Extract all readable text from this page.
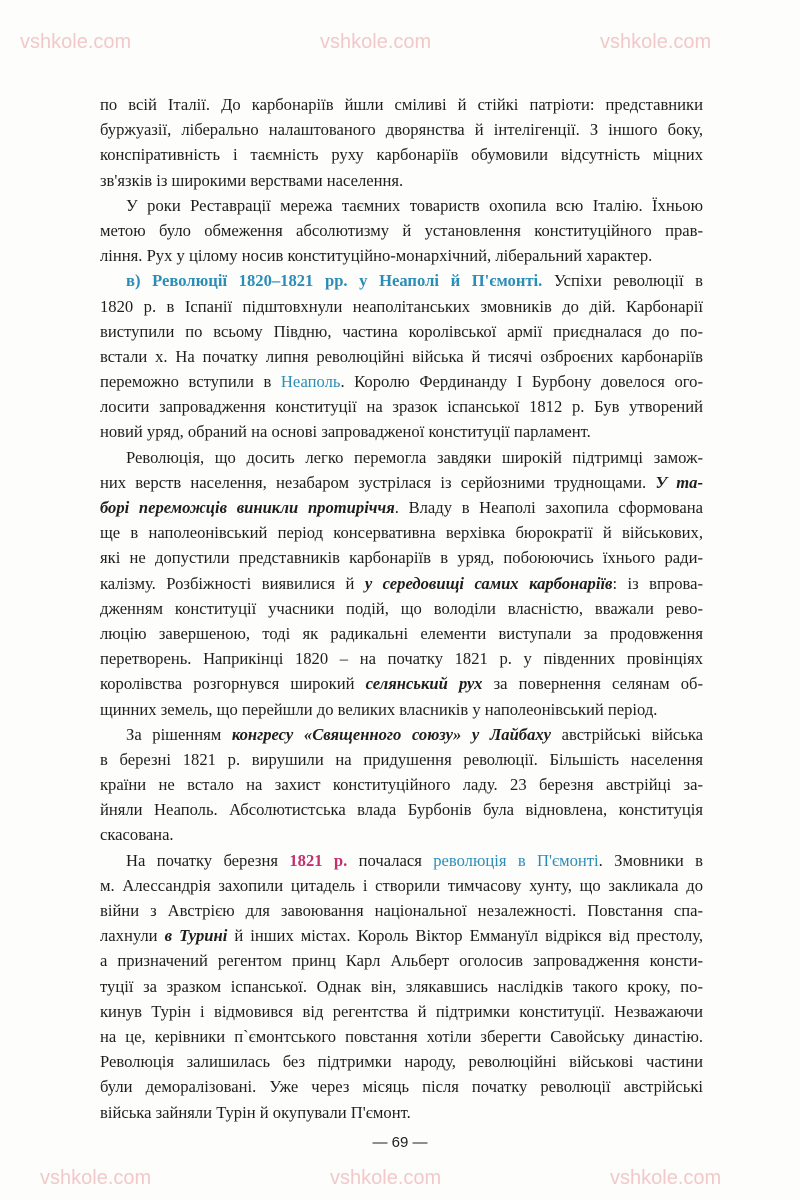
vshkole.com	vshkole.com	vshkole.com
vshkole.com	vshkole.com	vshkole.com
по всій Італії. До карбонаріїв йшли сміливі й стійкі патріоти: представники
буржуазії, ліберально налаштованого дворянства й інтелігенції. З іншого боку,
конспіративність і таємність руху карбонаріїв обумовили відсутність міцних
зв'язків із широкими верствами населення.
У роки Реставрації мережа таємних товариств охопила всю Італію. Їхньою
метою було обмеження абсолютизму й установлення конституційного прав-
ління. Рух у цілому носив конституційно-монархічний, ліберальний характер.
в) Революції 1820–1821 рр. у Неаполі й П'ємонті. Успіхи революції в
1820 р. в Іспанії підштовхнули неаполітанських змовників до дій. Карбонарії
виступили по всьому Півдню, частина королівської армії приєдналася до по-
встали х. На початку липня революційні війська й тисячі озброєних карбонаріїв
переможно вступили в Неаполь. Королю Фердинанду І Бурбону довелося ого-
лосити запровадження конституції на зразок іспанської 1812 р. Був утворений
новий уряд, обраний на основі запровадженої конституції парламент.
Революція, що досить легко перемогла завдяки широкій підтримці замож-
них верств населення, незабаром зустрілася із серйозними труднощами. У та-
борі переможців виникли протиріччя. Владу в Неаполі захопила сформована
ще в наполеонівський період консервативна верхівка бюрократії й військових,
які не допустили представників карбонаріїв в уряд, побоюючись їхнього ради-
калізму. Розбіжності виявилися й у середовищі самих карбонаріїв: із впрова-
дженням конституції учасники подій, що володіли власністю, вважали рево-
люцію завершеною, тоді як радикальні елементи виступали за продовження
перетворень. Наприкінці 1820 – на початку 1821 р. у південних провінціях
королівства розгорнувся широкий селянський рух за повернення селянам об-
щинних земель, що перейшли до великих власників у наполеонівський період.
За рішенням конгресу «Священного союзу» у Лайбаху австрійські війська
в березні 1821 р. вирушили на придушення революції. Більшість населення
країни не встало на захист конституційного ладу. 23 березня австрійці за-
йняли Неаполь. Абсолютистська влада Бурбонів була відновлена, конституція
скасована.
На початку березня 1821 р. почалася революція в П'ємонті. Змовники в
м. Алессандрія захопили цитадель і створили тимчасову хунту, що закликала до
війни з Австрією для завоювання національної незалежності. Повстання спа-
лахнули в Турині й інших містах. Король Віктор Еммануїл відрікся від престолу,
а призначений регентом принц Карл Альберт оголосив запровадження консти-
туції за зразком іспанської. Однак він, злякавшись наслідків такого кроку, по-
кинув Турін і відмовився від регентства й підтримки конституції. Незважаючи
на це, керівники п`ємонтського повстання хотіли зберегти Савойську династію.
Революція залишилась без підтримки народу, революційні військові частини
були деморалізовані. Уже через місяць після початку революції австрійські
війська зайняли Турін й окупували П'ємонт.
— 69 —
